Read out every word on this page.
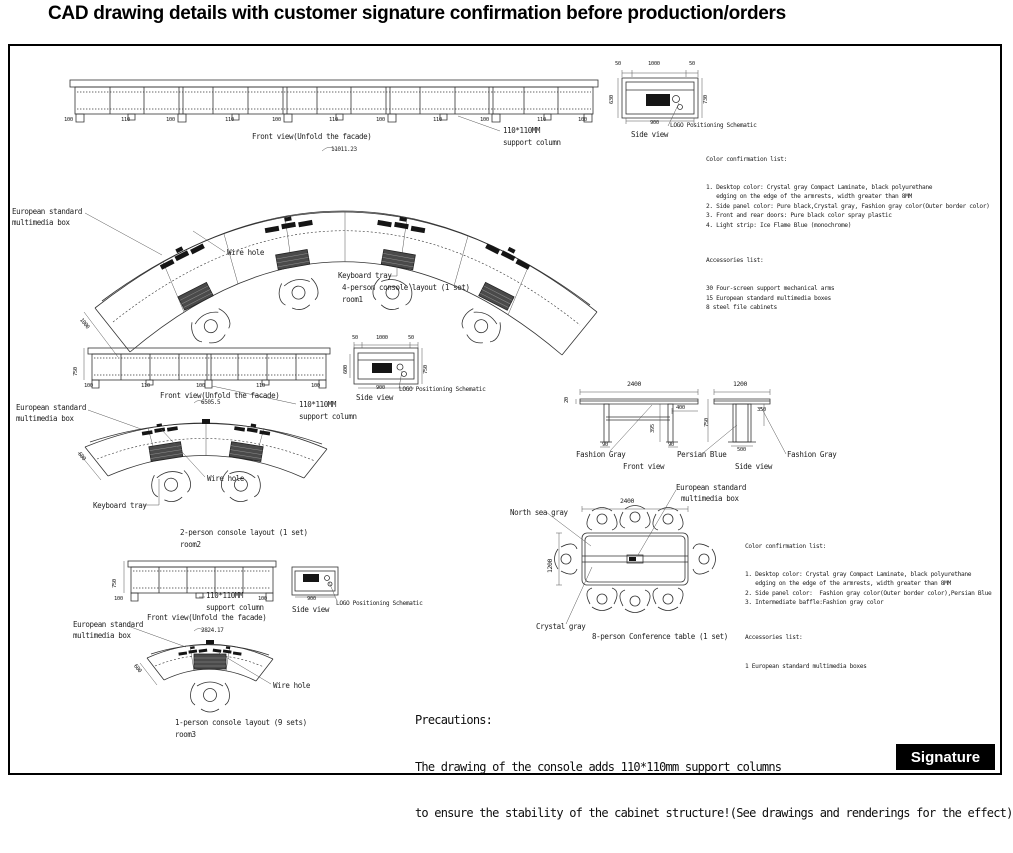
CAD drawing details with customer signature confirmation before production/orders
Front view(Unfold the facade)
110*110MM
support column
Side view
LOGO Positioning Schematic
100	110	100	110	100	110	100	110	100	110	100
50	1000	50
630	730
900
11011.23
1000
European standard
multimedia box
Wire hole
Keyboard tray
4-person console layout (1 set)
room1
750
100	110	100	110	100
Front view(Unfold the facade)
110*110MM
support column
50	1000	50
600	750
900
Side view
LOGO Positioning Schematic
6505.5
European standard
multimedia box
600
Wire hole
Keyboard tray
2-person console layout (1 set)
room2
2400
20
400
395
90	90
Fashion Gray
Front view
1200
750
350
500
Persian Blue
Side view
Fashion Gray
European standard
multimedia box
2400
North sea gray
1200
Crystal gray
8-person Conference table (1 set)
750
100	100
110*110MM
support column
Front view(Unfold the facade)
900
Side view
LOGO Positioning Schematic
2824.17
European standard
multimedia box
600
Wire hole
1-person console layout (9 sets)
room3

Color confirmation list:

1. Desktop color: Crystal gray Compact Laminate, black polyurethane
edging on the edge of the armrests, width greater than 8MM
2. Side panel color: Pure black,Crystal gray, Fashion gray color(Outer border color)
3. Front and rear doors: Pure black color spray plastic
4. Light strip: Ice Flame Blue (monochrome)

Accessories list:

30 Four-screen support mechanical arms
15 European standard multimedia boxes
8 steel file cabinets

Color confirmation list:

1. Desktop color: Crystal gray Compact Laminate, black polyurethane
edging on the edge of the armrests, width greater than 8MM
2. Side panel color:  Fashion gray color(Outer border color),Persian Blue
3. Intermediate baffle:Fashion gray color

Accessories list:

1 European standard multimedia boxes

Precautions:

The drawing of the console adds 110*110mm support columns

to ensure the stability of the cabinet structure!(See drawings and renderings for the effect)

Signature
